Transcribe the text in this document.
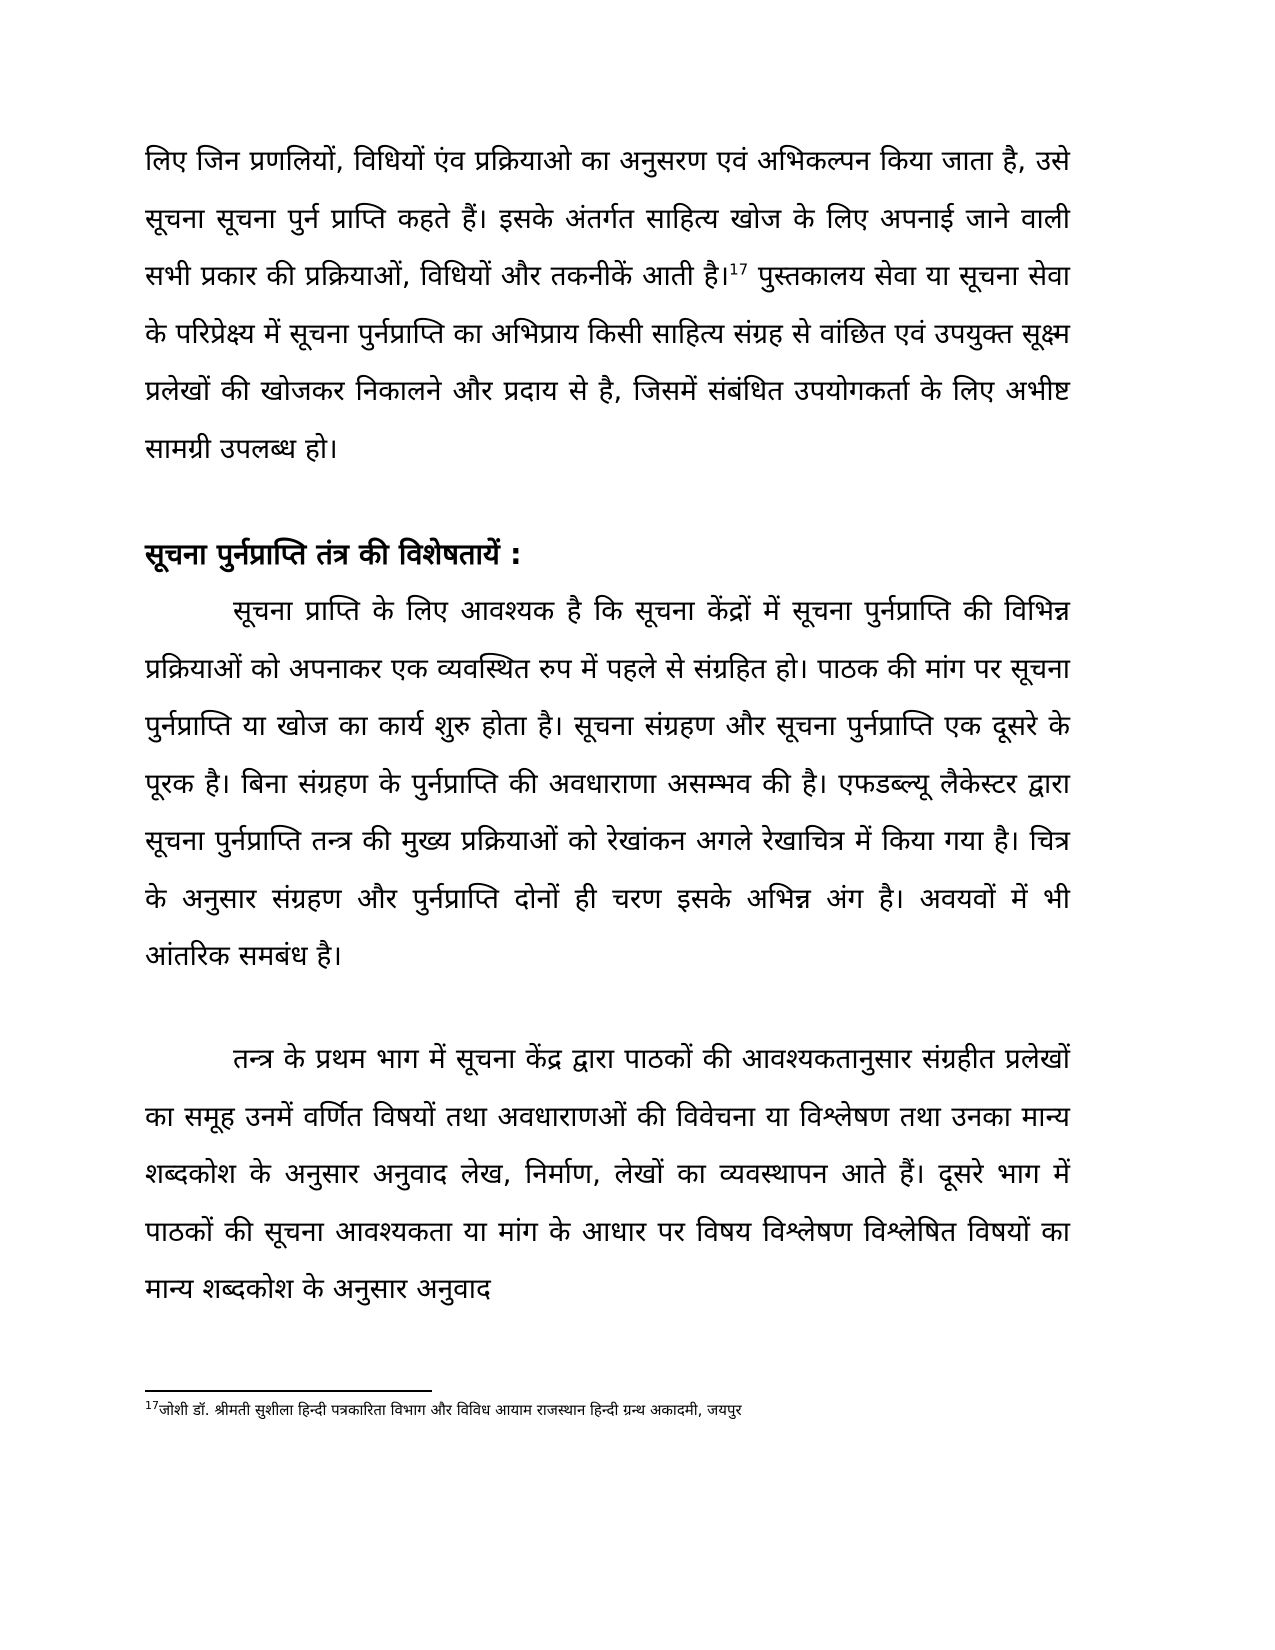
लिए जिन प्रणलियों, विधियों एंव प्रक्रियाओ का अनुसरण एवं अभिकल्पन किया जाता है, उसे सूचना सूचना पुर्न प्राप्ति कहते हैं। इसके अंतर्गत साहित्य खोज के लिए अपनाई जाने वाली सभी प्रकार की प्रक्रियाओं, विधियों और तकनीकें आती है।$^{17}$ पुस्तकालय सेवा या सूचना सेवा के परिप्रेक्ष्य में सूचना पुर्नप्राप्ति का अभिप्राय किसी साहित्य संग्रह से वांछित एवं उपयुक्त सूक्ष्म प्रलेखों की खोजकर निकालने और प्रदाय से है, जिसमें संबंधित उपयोगकर्ता के लिए अभीष्ट सामग्री उपलब्ध हो।

सूचना पुर्नप्राप्ति तंत्र की विशेषतायें :

सूचना प्राप्ति के लिए आवश्यक है कि सूचना केंद्रों में सूचना पुर्नप्राप्ति की विभिन्न प्रक्रियाओं को अपनाकर एक व्यवस्थित रुप में पहले से संग्रहित हो। पाठक की मांग पर सूचना पुर्नप्राप्ति या खोज का कार्य शुरु होता है। सूचना संग्रहण और सूचना पुर्नप्राप्ति एक दूसरे के पूरक है। बिना संग्रहण के पुर्नप्राप्ति की अवधाराणा असम्भव की है। एफडब्ल्यू लैकेस्टर द्वारा सूचना पुर्नप्राप्ति तन्त्र की मुख्य प्रक्रियाओं को रेखांकन अगले रेखाचित्र में किया गया है। चित्र के अनुसार संग्रहण और पुर्नप्राप्ति दोनों ही चरण इसके अभिन्न अंग है। अवयवों में भी आंतरिक समबंध है।

तन्त्र के प्रथम भाग में सूचना केंद्र द्वारा पाठकों की आवश्यकतानुसार संग्रहीत प्रलेखों का समूह उनमें वर्णित विषयों तथा अवधाराणओं की विवेचना या विश्लेषण तथा उनका मान्य शब्दकोश के अनुसार अनुवाद लेख, निर्माण, लेखों का व्यवस्थापन आते हैं। दूसरे भाग में पाठकों की सूचना आवश्यकता या मांग के आधार पर विषय विश्लेषण विश्लेषित विषयों का मान्य शब्दकोश के अनुसार अनुवाद

$^{17}$जोशी डॉ. श्रीमती सुशीला हिन्दी पत्रकारिता विभाग और विविध आयाम राजस्थान हिन्दी ग्रन्थ अकादमी, जयपुर
